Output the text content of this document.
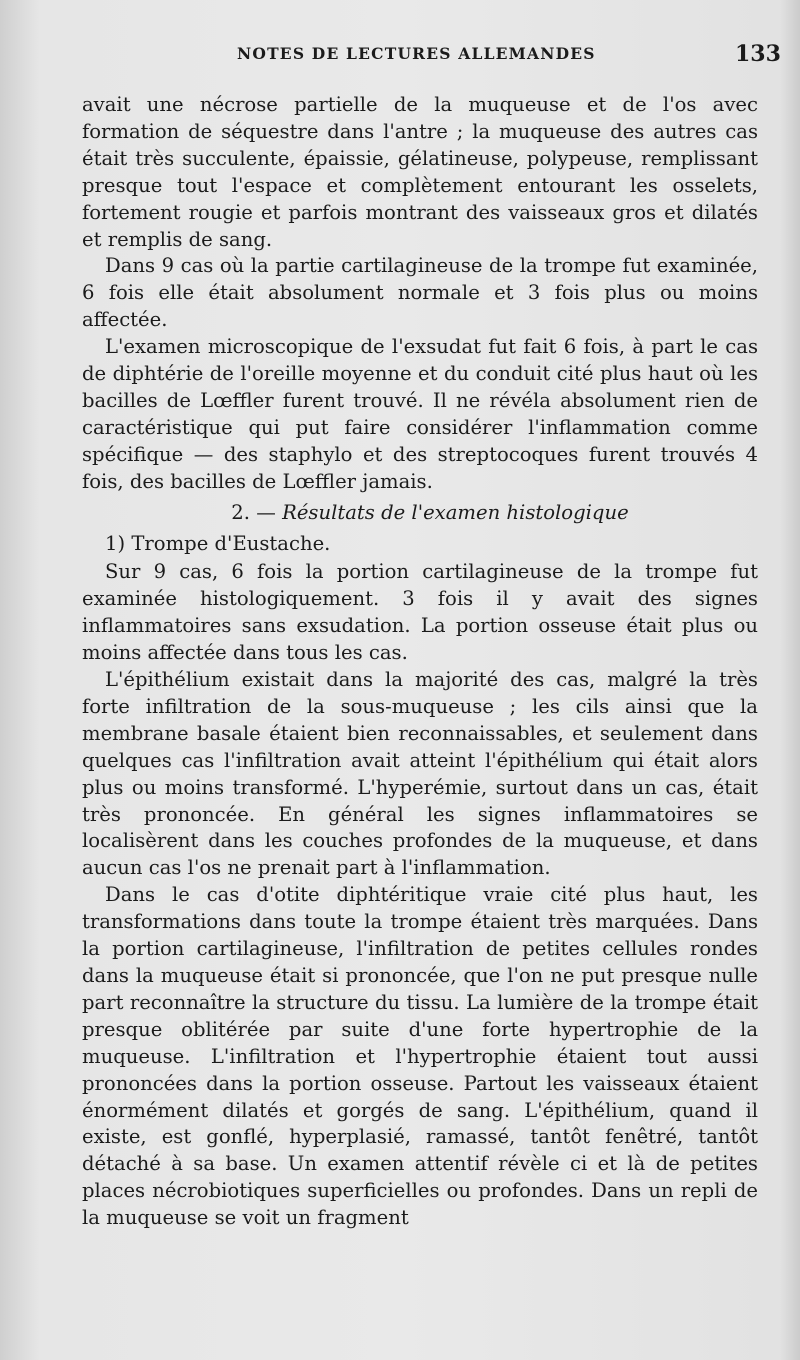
NOTES DE LECTURES ALLEMANDES	133

avait une nécrose partielle de la muqueuse et de l'os avec formation de séquestre dans l'antre ; la muqueuse des autres cas était très succulente, épaissie, gélatineuse, polypeuse, remplissant presque tout l'espace et complètement entourant les osselets, fortement rougie et parfois montrant des vaisseaux gros et dilatés et remplis de sang.

Dans 9 cas où la partie cartilagineuse de la trompe fut examinée, 6 fois elle était absolument normale et 3 fois plus ou moins affectée.

L'examen microscopique de l'exsudat fut fait 6 fois, à part le cas de diphtérie de l'oreille moyenne et du conduit cité plus haut où les bacilles de Lœffler furent trouvé. Il ne révéla absolument rien de caractéristique qui put faire considérer l'inflammation comme spécifique — des staphylo et des streptocoques furent trouvés 4 fois, des bacilles de Lœffler jamais.

2. — Résultats de l'examen histologique

1) Trompe d'Eustache.

Sur 9 cas, 6 fois la portion cartilagineuse de la trompe fut examinée histologiquement. 3 fois il y avait des signes inflammatoires sans exsudation. La portion osseuse était plus ou moins affectée dans tous les cas.

L'épithélium existait dans la majorité des cas, malgré la très forte infiltration de la sous-muqueuse ; les cils ainsi que la membrane basale étaient bien reconnaissables, et seulement dans quelques cas l'infiltration avait atteint l'épithélium qui était alors plus ou moins transformé. L'hyperémie, surtout dans un cas, était très prononcée. En général les signes inflammatoires se localisèrent dans les couches profondes de la muqueuse, et dans aucun cas l'os ne prenait part à l'inflammation.

Dans le cas d'otite diphtéritique vraie cité plus haut, les transformations dans toute la trompe étaient très marquées. Dans la portion cartilagineuse, l'infiltration de petites cellules rondes dans la muqueuse était si prononcée, que l'on ne put presque nulle part reconnaître la structure du tissu. La lumière de la trompe était presque oblitérée par suite d'une forte hypertrophie de la muqueuse. L'infiltration et l'hypertrophie étaient tout aussi prononcées dans la portion osseuse. Partout les vaisseaux étaient énormément dilatés et gorgés de sang. L'épithélium, quand il existe, est gonflé, hyperplasié, ramassé, tantôt fenêtré, tantôt détaché à sa base. Un examen attentif révèle ci et là de petites places nécrobiotiques superficielles ou profondes. Dans un repli de la muqueuse se voit un fragment
